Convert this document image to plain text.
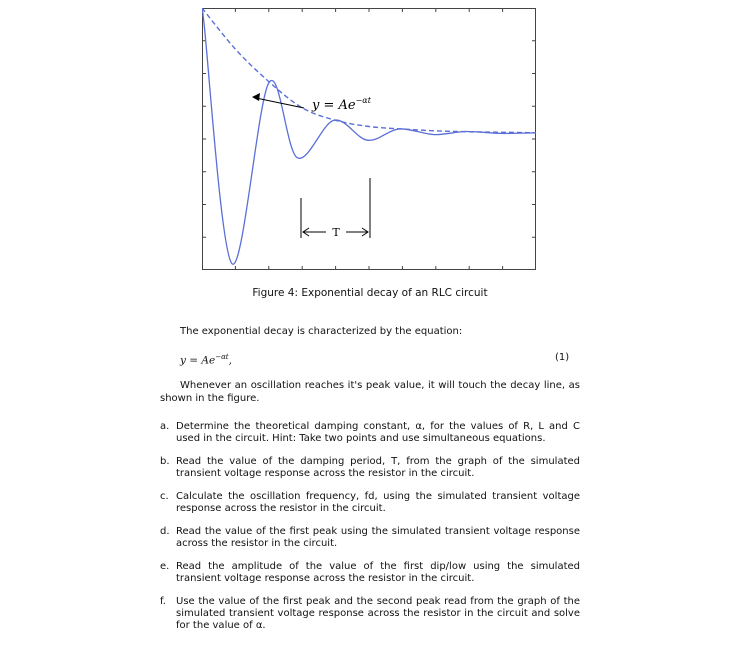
$y = Ae^{-\alpha t}$
T
Figure 4: Exponential decay of an RLC circuit
The exponential decay is characterized by the equation:
$y = Ae^{-\alpha t}$,	(1)
Whenever an oscillation reaches it's peak value, it will touch the decay line, as shown in the figure.
a. Determine the theoretical damping constant, α, for the values of R, L and C used in the circuit. Hint: Take two points and use simultaneous equations.
b. Read the value of the damping period, T, from the graph of the simulated transient voltage response across the resistor in the circuit.
c. Calculate the oscillation frequency, fd, using the simulated transient voltage response across the resistor in the circuit.
d. Read the value of the first peak using the simulated transient voltage response across the resistor in the circuit.
e. Read the amplitude of the value of the first dip/low using the simulated transient voltage response across the resistor in the circuit.
f. Use the value of the first peak and the second peak read from the graph of the simulated transient voltage response across the resistor in the circuit and solve for the value of α.
